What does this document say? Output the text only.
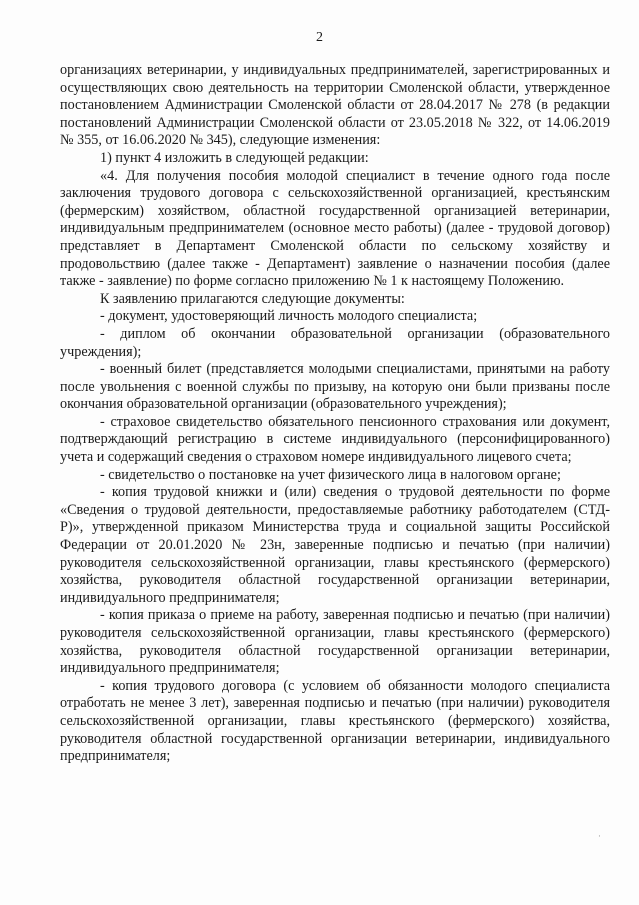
2

организациях ветеринарии, у индивидуальных предпринимателей, зарегистрированных и осуществляющих свою деятельность на территории Смоленской области, утвержденное постановлением Администрации Смоленской области от 28.04.2017 № 278 (в редакции постановлений Администрации Смоленской области от 23.05.2018 № 322, от 14.06.2019 № 355, от 16.06.2020 № 345), следующие изменения:

1) пункт 4 изложить в следующей редакции:

«4. Для получения пособия молодой специалист в течение одного года после заключения трудового договора с сельскохозяйственной организацией, крестьянским (фермерским) хозяйством, областной государственной организацией ветеринарии, индивидуальным предпринимателем (основное место работы) (далее - трудовой договор) представляет в Департамент Смоленской области по сельскому хозяйству и продовольствию (далее также - Департамент) заявление о назначении пособия (далее также - заявление) по форме согласно приложению № 1 к настоящему Положению.

К заявлению прилагаются следующие документы:

- документ, удостоверяющий личность молодого специалиста;

- диплом об окончании образовательной организации (образовательного учреждения);

- военный билет (представляется молодыми специалистами, принятыми на работу после увольнения с военной службы по призыву, на которую они были призваны после окончания образовательной организации (образовательного учреждения);

- страховое свидетельство обязательного пенсионного страхования или документ, подтверждающий регистрацию в системе индивидуального (персонифицированного) учета и содержащий сведения о страховом номере индивидуального лицевого счета;

- свидетельство о постановке на учет физического лица в налоговом органе;

- копия трудовой книжки и (или) сведения о трудовой деятельности по форме «Сведения о трудовой деятельности, предоставляемые работнику работодателем (СТД-Р)», утвержденной приказом Министерства труда и социальной защиты Российской Федерации от 20.01.2020 № 23н, заверенные подписью и печатью (при наличии) руководителя сельскохозяйственной организации, главы крестьянского (фермерского) хозяйства, руководителя областной государственной организации ветеринарии, индивидуального предпринимателя;

- копия приказа о приеме на работу, заверенная подписью и печатью (при наличии) руководителя сельскохозяйственной организации, главы крестьянского (фермерского) хозяйства, руководителя областной государственной организации ветеринарии, индивидуального предпринимателя;

- копия трудового договора (с условием об обязанности молодого специалиста отработать не менее 3 лет), заверенная подписью и печатью (при наличии) руководителя сельскохозяйственной организации, главы крестьянского (фермерского) хозяйства, руководителя областной государственной организации ветеринарии, индивидуального предпринимателя;

·
